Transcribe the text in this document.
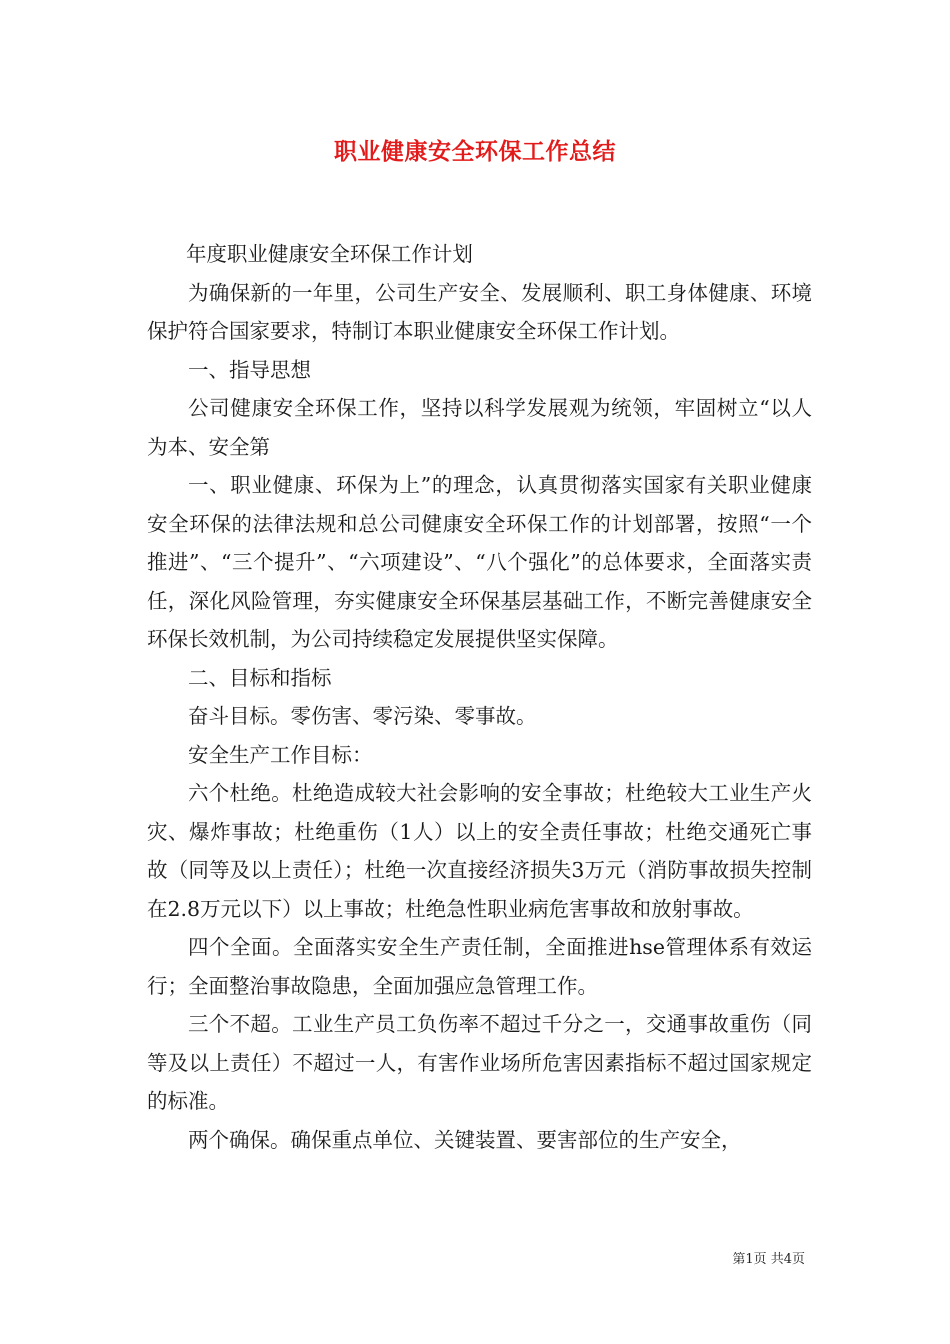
职业健康安全环保工作总结

年度职业健康安全环保工作计划

为确保新的一年里，公司生产安全、发展顺利、职工身体健康、环境保护符合国家要求，特制订本职业健康安全环保工作计划。

一、指导思想

公司健康安全环保工作，坚持以科学发展观为统领，牢固树立“以人为本、安全第

一、职业健康、环保为上”的理念，认真贯彻落实国家有关职业健康安全环保的法律法规和总公司健康安全环保工作的计划部署，按照“一个推进”、“三个提升”、“六项建设”、“八个强化”的总体要求，全面落实责任，深化风险管理，夯实健康安全环保基层基础工作，不断完善健康安全环保长效机制，为公司持续稳定发展提供坚实保障。

二、目标和指标

奋斗目标。零伤害、零污染、零事故。

安全生产工作目标：

六个杜绝。杜绝造成较大社会影响的安全事故；杜绝较大工业生产火灾、爆炸事故；杜绝重伤（1人）以上的安全责任事故；杜绝交通死亡事故（同等及以上责任）；杜绝一次直接经济损失3万元（消防事故损失控制在2.8万元以下）以上事故；杜绝急性职业病危害事故和放射事故。

四个全面。全面落实安全生产责任制，全面推进hse管理体系有效运行；全面整治事故隐患，全面加强应急管理工作。

三个不超。工业生产员工负伤率不超过千分之一，交通事故重伤（同等及以上责任）不超过一人，有害作业场所危害因素指标不超过国家规定的标准。

两个确保。确保重点单位、关键装置、要害部位的生产安全，

第1页 共4页
